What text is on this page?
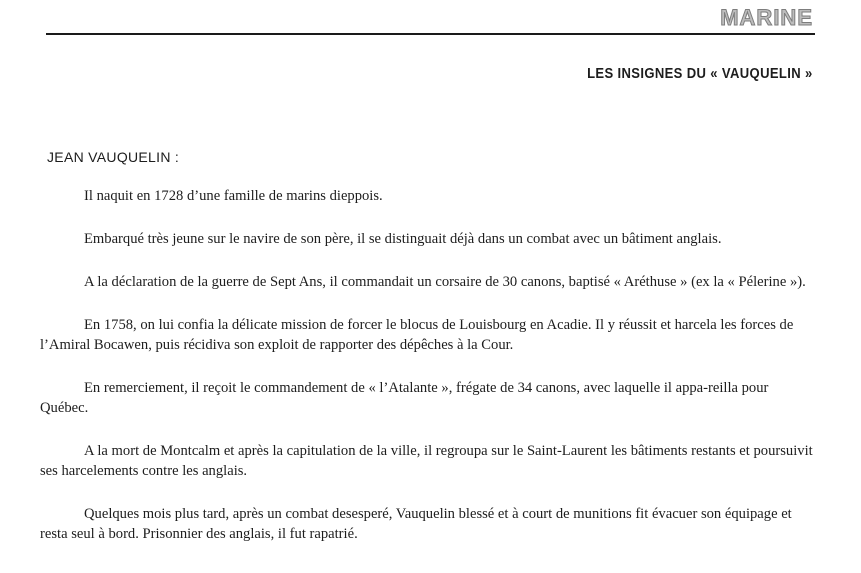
MARINE
LES INSIGNES DU « VAUQUELIN »
JEAN VAUQUELIN :

Il naquit en 1728 d’une famille de marins dieppois.

Embarqué très jeune sur le navire de son père, il se distinguait déjà dans un combat avec un bâtiment anglais.

A la déclaration de la guerre de Sept Ans, il commandait un corsaire de 30 canons, baptisé « Aréthuse » (ex la « Pélerine »).

En 1758, on lui confia la délicate mission de forcer le blocus de Louisbourg en Acadie. Il y réussit et harcela les forces de l’Amiral Bocawen, puis récidiva son exploit de rapporter des dépêches à la Cour.

En remerciement, il reçoit le commandement de « l’Atalante », frégate de 34 canons, avec laquelle il appa-reilla pour Québec.

A la mort de Montcalm et après la capitulation de la ville, il regroupa sur le Saint-Laurent les bâtiments restants et poursuivit ses harcelements contre les anglais.

Quelques mois plus tard, après un combat desesperé, Vauquelin blessé et à court de munitions fit évacuer son équipage et resta seul à bord. Prisonnier des anglais, il fut rapatrié.
